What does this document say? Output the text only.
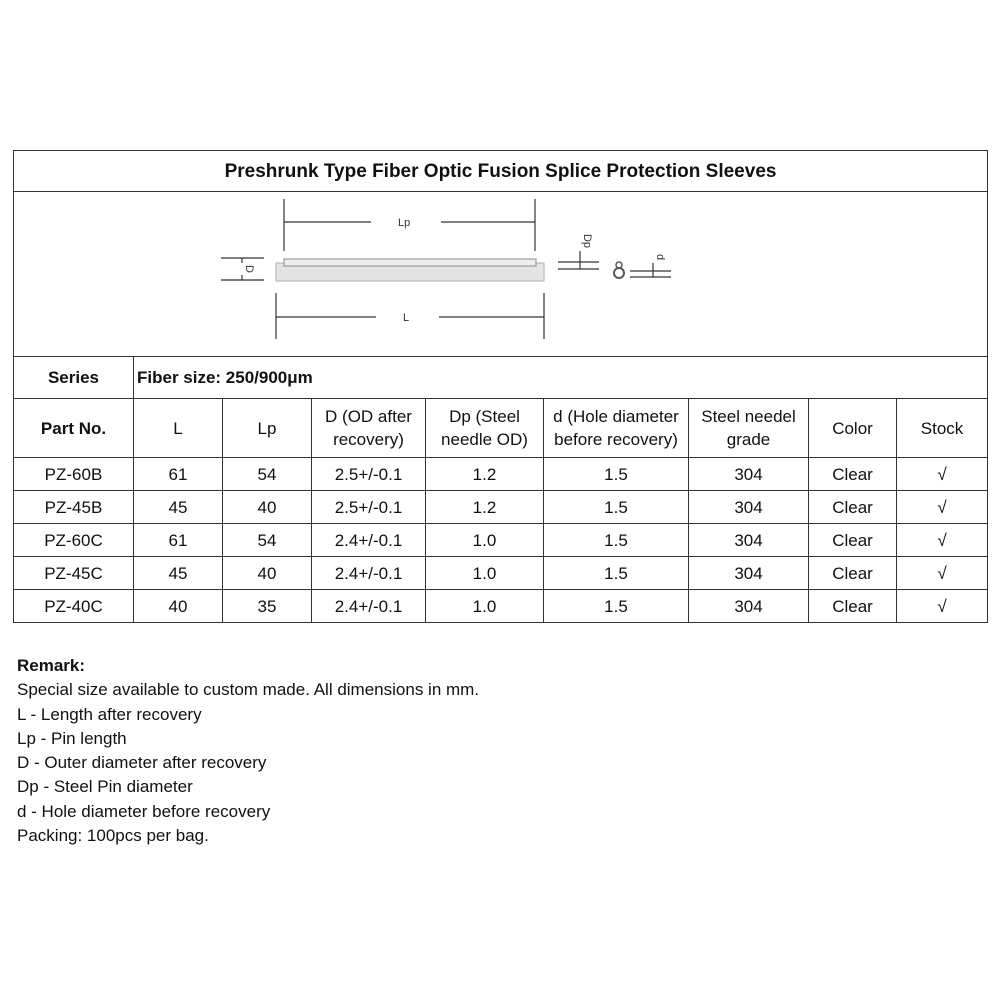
Preshrunk Type Fiber Optic Fusion Splice Protection Sleeves								

Lp
L
D
Dp
d								

Series	Fiber size: 250/900μm							
Part No.	L	Lp	D (OD after recovery)	Dp (Steel needle OD)	d (Hole diameter before recovery)	Steel needel grade	Color	Stock
PZ-60B	61	54	2.5+/-0.1	1.2	1.5	304	Clear	√
PZ-45B	45	40	2.5+/-0.1	1.2	1.5	304	Clear	√
PZ-60C	61	54	2.4+/-0.1	1.0	1.5	304	Clear	√
PZ-45C	45	40	2.4+/-0.1	1.0	1.5	304	Clear	√
PZ-40C	40	35	2.4+/-0.1	1.0	1.5	304	Clear	√
Remark:
Special size available to custom made. All dimensions in mm.
L - Length after recovery
Lp - Pin length
D - Outer diameter after recovery
Dp - Steel Pin diameter
d - Hole diameter before recovery
Packing: 100pcs per bag.
